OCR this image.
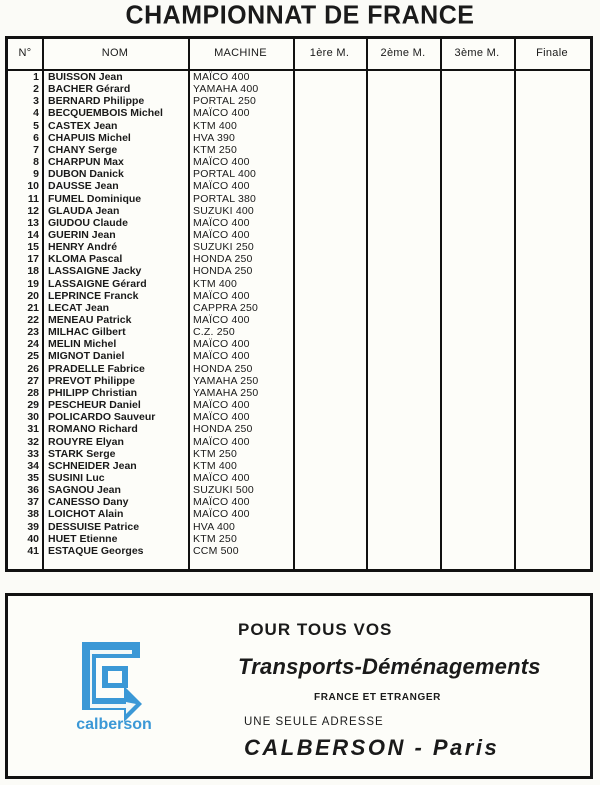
CHAMPIONNAT DE FRANCE
N°	NOM	MACHINE	1ère M.	2ème M.	3ème M.	Finale
1 BUISSON Jean	MAÏCO 400
2 BACHER Gérard	YAMAHA 400
3 BERNARD Philippe	PORTAL 250
4 BECQUEMBOIS Michel	MAÏCO 400
5 CASTEX Jean	KTM 400
6 CHAPUIS Michel	HVA 390
7 CHANY Serge	KTM 250
8 CHARPUN Max	MAÏCO 400
9 DUBON Danick	PORTAL 400
10 DAUSSE Jean	MAÏCO 400
11 FUMEL Dominique	PORTAL 380
12 GLAUDA Jean	SUZUKI 400
13 GIUDOU Claude	MAÏCO 400
14 GUERIN Jean	MAÏCO 400
15 HENRY André	SUZUKI 250
17 KLOMA Pascal	HONDA 250
18 LASSAIGNE Jacky	HONDA 250
19 LASSAIGNE Gérard	KTM 400
20 LEPRINCE Franck	MAÏCO 400
21 LECAT Jean	CAPPRA 250
22 MENEAU Patrick	MAÏCO 400
23 MILHAC Gilbert	C.Z. 250
24 MELIN Michel	MAÏCO 400
25 MIGNOT Daniel	MAÏCO 400
26 PRADELLE Fabrice	HONDA 250
27 PREVOT Philippe	YAMAHA 250
28 PHILIPP Christian	YAMAHA 250
29 PESCHEUR Daniel	MAÏCO 400
30 POLICARDO Sauveur	MAÏCO 400
31 ROMANO Richard	HONDA 250
32 ROUYRE Elyan	MAÏCO 400
33 STARK Serge	KTM 250
34 SCHNEIDER Jean	KTM 400
35 SUSINI Luc	MAÏCO 400
36 SAGNOU Jean	SUZUKI 500
37 CANESSO Dany	MAÏCO 400
38 LOICHOT Alain	MAÏCO 400
39 DESSUISE Patrice	HVA 400
40 HUET Etienne	KTM 250
41 ESTAQUE Georges	CCM 500
calberson
POUR TOUS VOS
Transports-Déménagements
FRANCE ET ETRANGER
UNE SEULE ADRESSE
CALBERSON - Paris
